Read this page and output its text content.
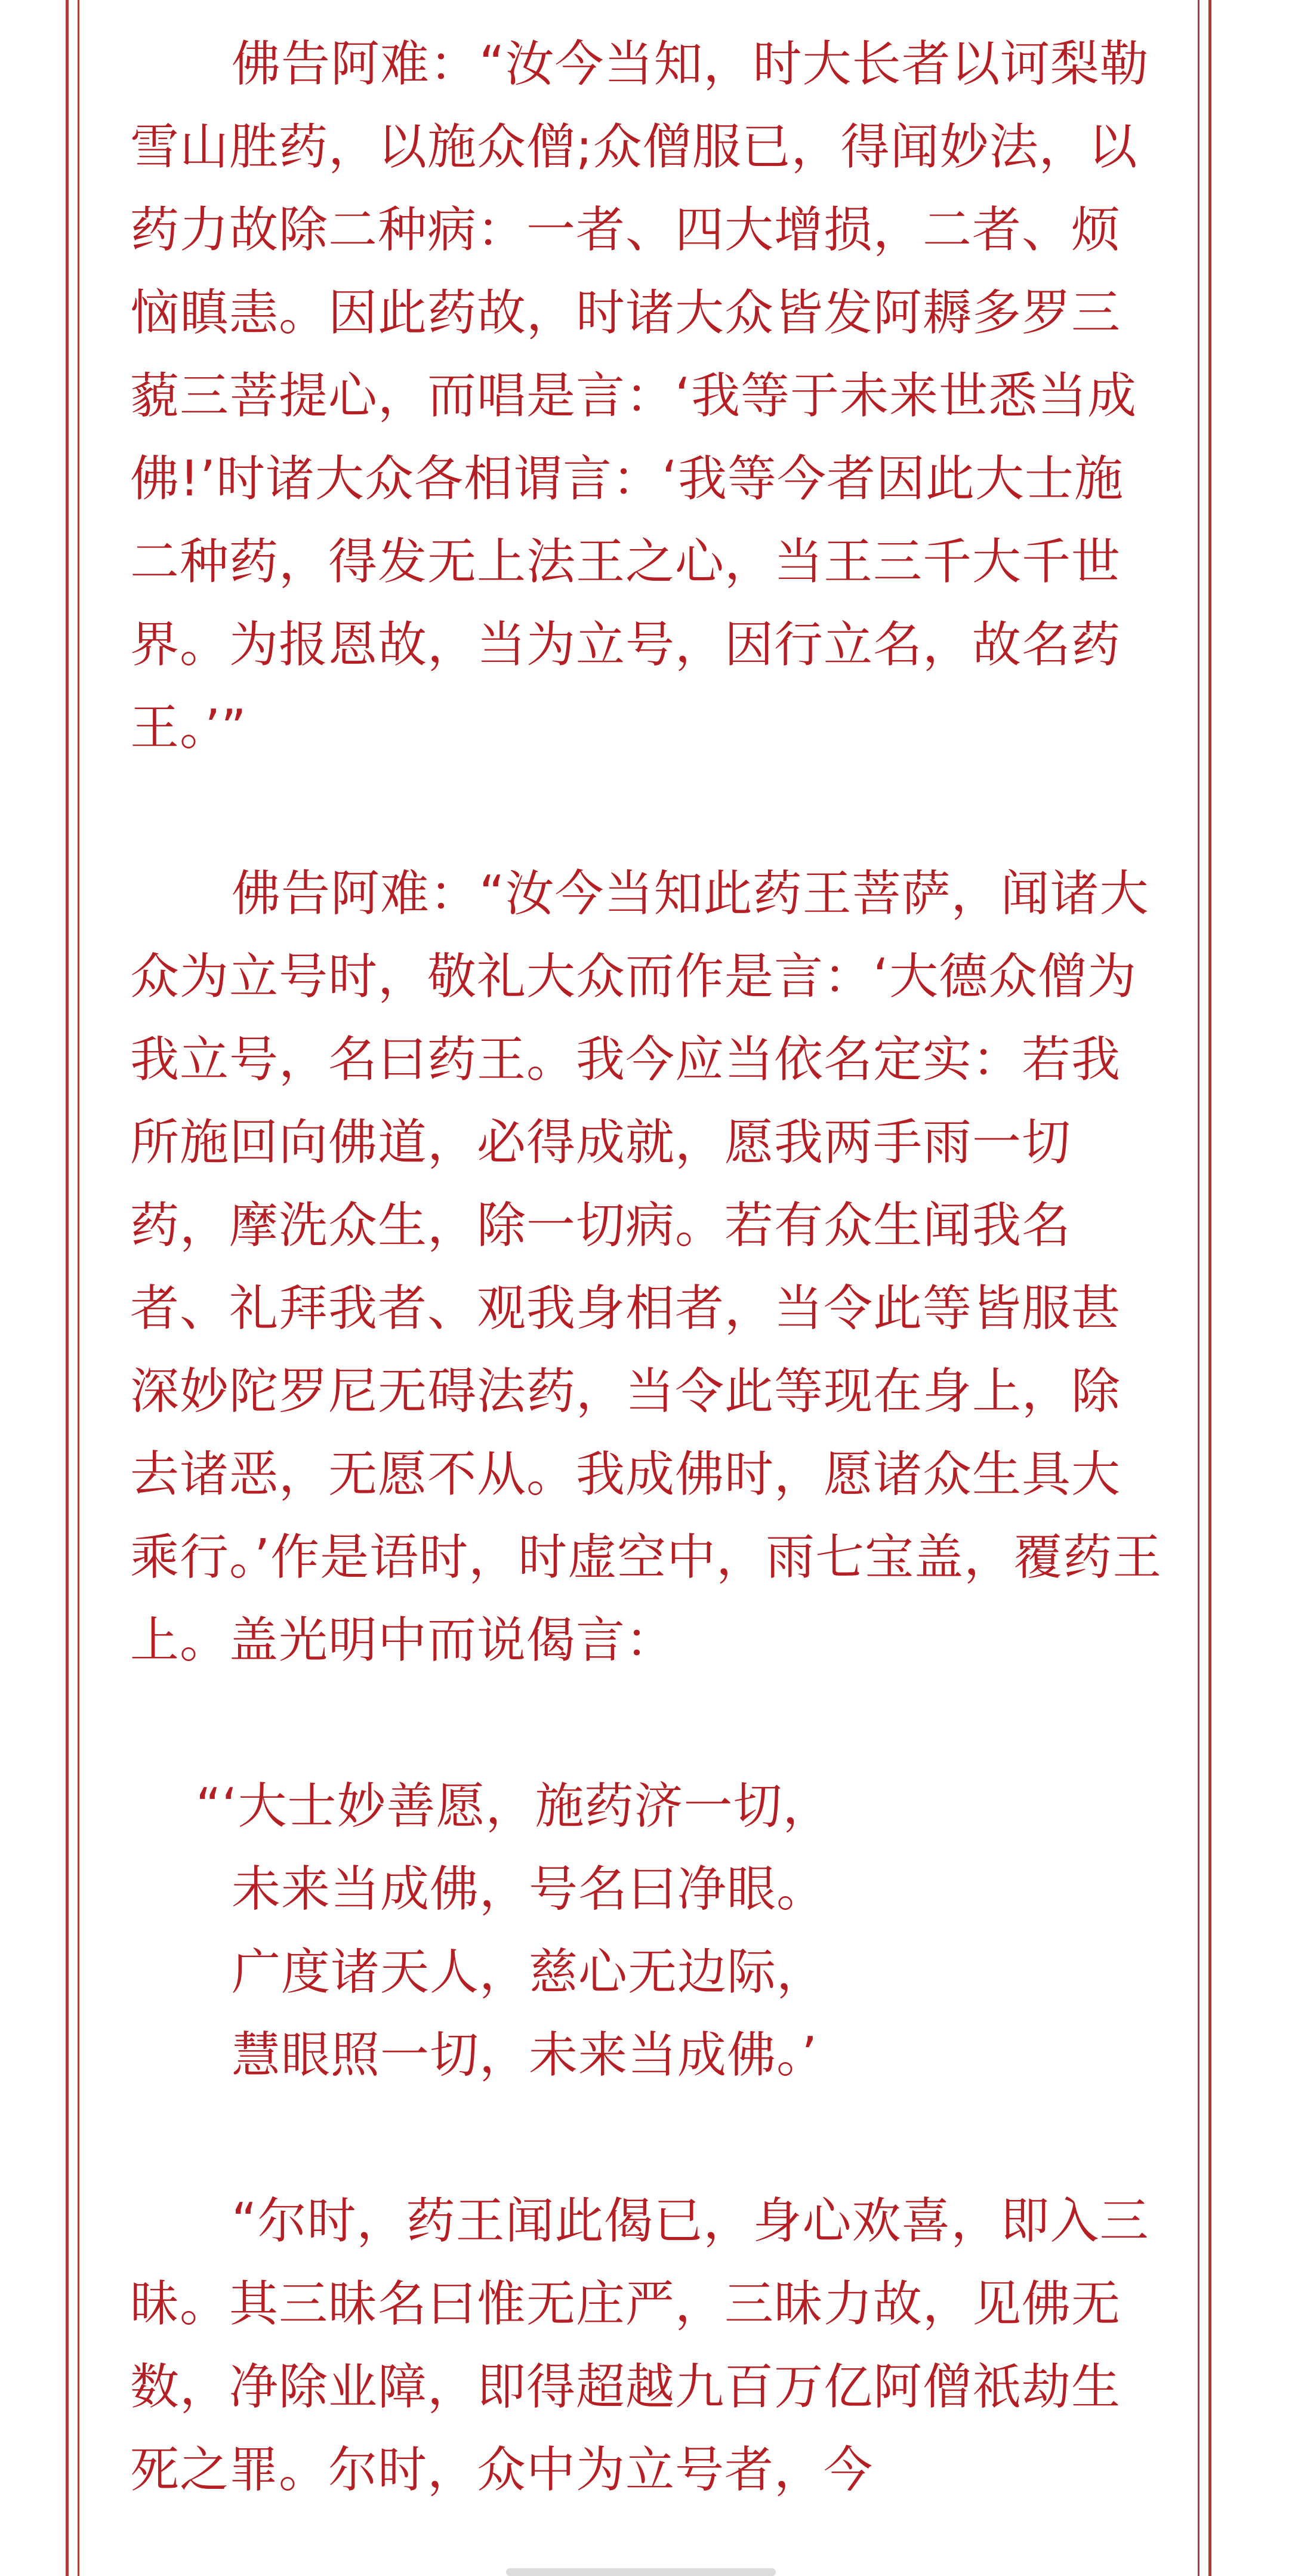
佛告阿难：“汝今当知，时大长者以诃梨勒雪山胜药，以施众僧;众僧服已，得闻妙法，以药力故除二种病：一者、四大增损，二者、烦恼瞋恚。因此药故，时诸大众皆发阿耨多罗三藐三菩提心，而唱是言：‘我等于未来世悉当成佛!’时诸大众各相谓言：‘我等今者因此大士施二种药，得发无上法王之心，当王三千大千世界。为报恩故，当为立号，因行立名，故名药王。’”

佛告阿难：“汝今当知此药王菩萨，闻诸大众为立号时，敬礼大众而作是言：‘大德众僧为我立号，名曰药王。我今应当依名定实：若我所施回向佛道，必得成就，愿我两手雨一切药，摩洗众生，除一切病。若有众生闻我名者、礼拜我者、观我身相者，当令此等皆服甚深妙陀罗尼无碍法药，当令此等现在身上，除去诸恶，无愿不从。我成佛时，愿诸众生具大乘行。’作是语时，时虚空中，雨七宝盖，覆药王上。盖光明中而说偈言：

“‘大士妙善愿，施药济一切，

未来当成佛，号名曰净眼。

广度诸天人，慈心无边际，

慧眼照一切，未来当成佛。’

“尔时，药王闻此偈已，身心欢喜，即入三昧。其三昧名曰惟无庄严，三昧力故，见佛无数，净除业障，即得超越九百万亿阿僧祇劫生死之罪。尔时，众中为立号者，今
